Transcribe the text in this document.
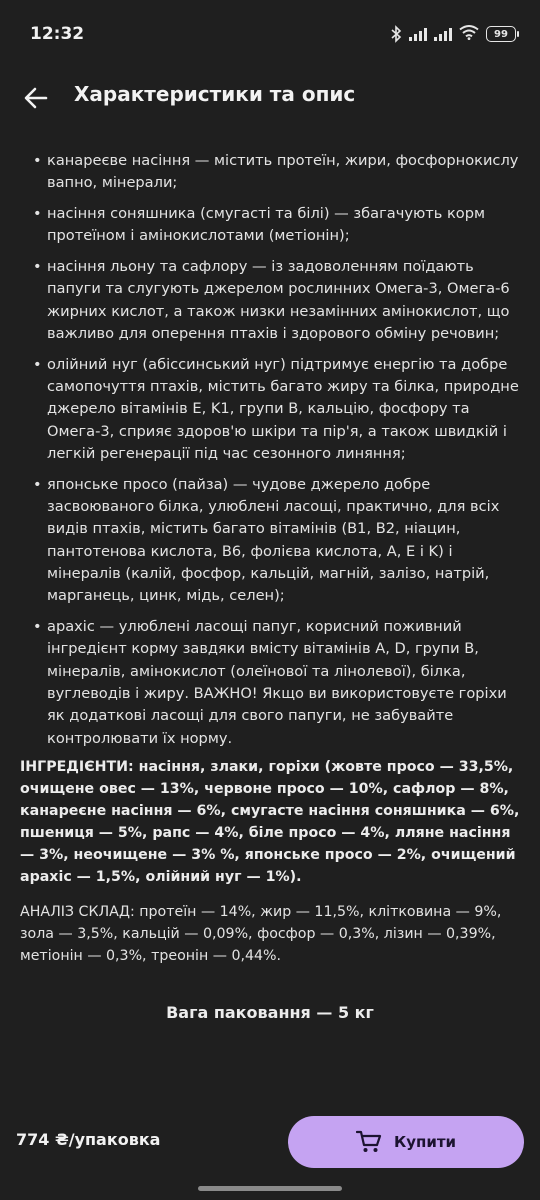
12:32	99
Характеристики та опис
• канареєве насіння — містить протеїн, жири, фосфорнокислу вапно, мінерали;
• насіння соняшника (смугасті та білі) — збагачують корм протеїном і амінокислотами (метіонін);
• насіння льону та сафлору — із задоволенням поїдають папуги та слугують джерелом рослинних Омега-3, Омега-6 жирних кислот, а також низки незамінних амінокислот, що важливо для оперення птахів і здорового обміну речовин;
• олійний нуг (абіссинський нуг) підтримує енергію та добре самопочуття птахів, містить багато жиру та білка, природне джерело вітамінів E, K1, групи B, кальцію, фосфору та Омега-3, сприяє здоров'ю шкіри та пір'я, а також швидкій і легкій регенерації під час сезонного линяння;
• японське просо (пайза) — чудове джерело добре засвоюваного білка, улюблені ласощі, практично, для всіх видів птахів, містить багато вітамінів (B1, B2, ніацин, пантотенова кислота, B6, фолієва кислота, A, E і K) і мінералів (калій, фосфор, кальцій, магній, залізо, натрій, марганець, цинк, мідь, селен);
• арахіс — улюблені ласощі папуг, корисний поживний інгредієнт корму завдяки вмісту вітамінів A, D, групи B, мінералів, амінокислот (олеїнової та лінолевої), білка, вуглеводів і жиру. ВАЖНО! Якщо ви використовуєте горіхи як додаткові ласощі для свого папуги, не забувайте контролювати їх норму.

ІНГРЕДІЄНТИ: насіння, злаки, горіхи (жовте просо — 33,5%, очищене овес — 13%, червоне просо — 10%, сафлор — 8%, канареєне насіння — 6%, смугасте насіння соняшника — 6%, пшениця — 5%, рапс — 4%, біле просо — 4%, лляне насіння — 3%, неочищене — 3% %, японське просо — 2%, очищений арахіс — 1,5%, олійний нуг — 1%).

АНАЛІЗ СКЛАД: протеїн — 14%, жир — 11,5%, клітковина — 9%, зола — 3,5%, кальцій — 0,09%, фосфор — 0,3%, лізин — 0,39%, метіонін — 0,3%, треонін — 0,44%.

Вага паковання — 5 кг

774 ₴/упаковка	Купити
